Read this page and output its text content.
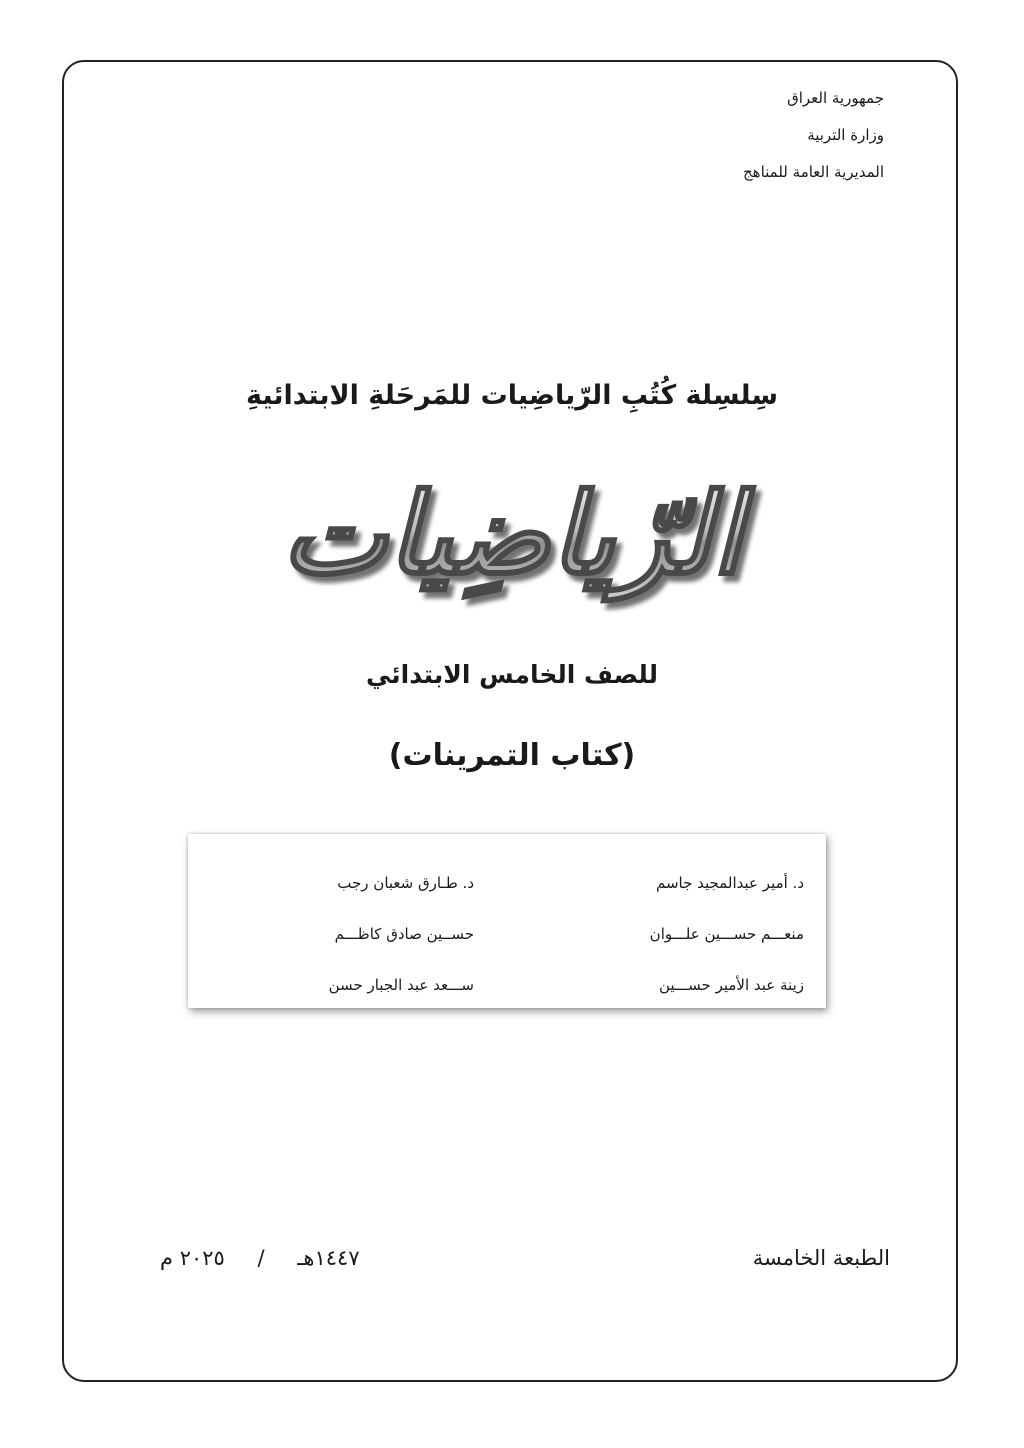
جمهورية العراق
وزارة التربية
المديرية العامة للمناهج
سِلسِلة كُتُبِ الرّياضِيات للمَرحَلةِ الابتدائيةِ
الرّياضِيات
للصف الخامس الابتدائي
(كتاب التمرينات)
د. أمير عبدالمجيد جاسم
منعـــم حســـين علـــوان
زينة عبد الأمير حســـين
د. طـارق شعبان رجب
حســين صادق كاظـــم
ســـعد عبد الجبار حسن
الطبعة الخامسة
١٤٤٧هـ / ٢٠٢٥ م
